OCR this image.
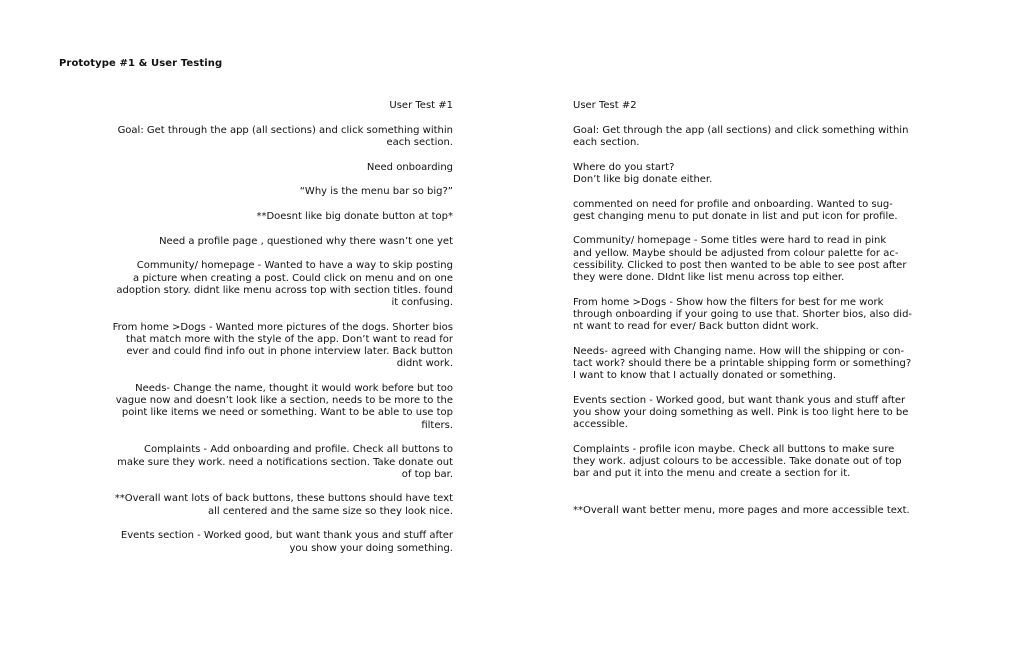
Prototype #1 & User Testing
User Test #1
Goal: Get through the app (all sections) and click something within
each section.
Need onboarding
“Why is the menu bar so big?”
**Doesnt like big donate button at top*
Need a profile page , questioned why there wasn’t one yet
Community/ homepage - Wanted to have a way to skip posting
a picture when creating a post. Could click on menu and on one
adoption story. didnt like menu across top with section titles. found
it confusing.
From home >Dogs - Wanted more pictures of the dogs. Shorter bios
that match more with the style of the app. Don’t want to read for
ever and could find info out in phone interview later. Back button
didnt work.
Needs- Change the name, thought it would work before but too
vague now and doesn’t look like a section, needs to be more to the
point like items we need or something. Want to be able to use top
filters.
Complaints - Add onboarding and profile. Check all buttons to
make sure they work. need a notifications section. Take donate out
of top bar.
**Overall want lots of back buttons, these buttons should have text
all centered and the same size so they look nice.
Events section - Worked good, but want thank yous and stuff after
you show your doing something.
User Test #2
Goal: Get through the app (all sections) and click something within
each section.
Where do you start?
Don’t like big donate either.
commented on need for profile and onboarding. Wanted to sug-
gest changing menu to put donate in list and put icon for profile.
Community/ homepage - Some titles were hard to read in pink
and yellow. Maybe should be adjusted from colour palette for ac-
cessibility. Clicked to post then wanted to be able to see post after
they were done. DIdnt like list menu across top either.
From home >Dogs - Show how the filters for best for me work
through onboarding if your going to use that. Shorter bios, also did-
nt want to read for ever/ Back button didnt work.
Needs- agreed with Changing name. How will the shipping or con-
tact work? should there be a printable shipping form or something?
I want to know that I actually donated or something.
Events section - Worked good, but want thank yous and stuff after
you show your doing something as well. Pink is too light here to be
accessible.
Complaints - profile icon maybe. Check all buttons to make sure
they work. adjust colours to be accessible. Take donate out of top
bar and put it into the menu and create a section for it.
**Overall want better menu, more pages and more accessible text.
